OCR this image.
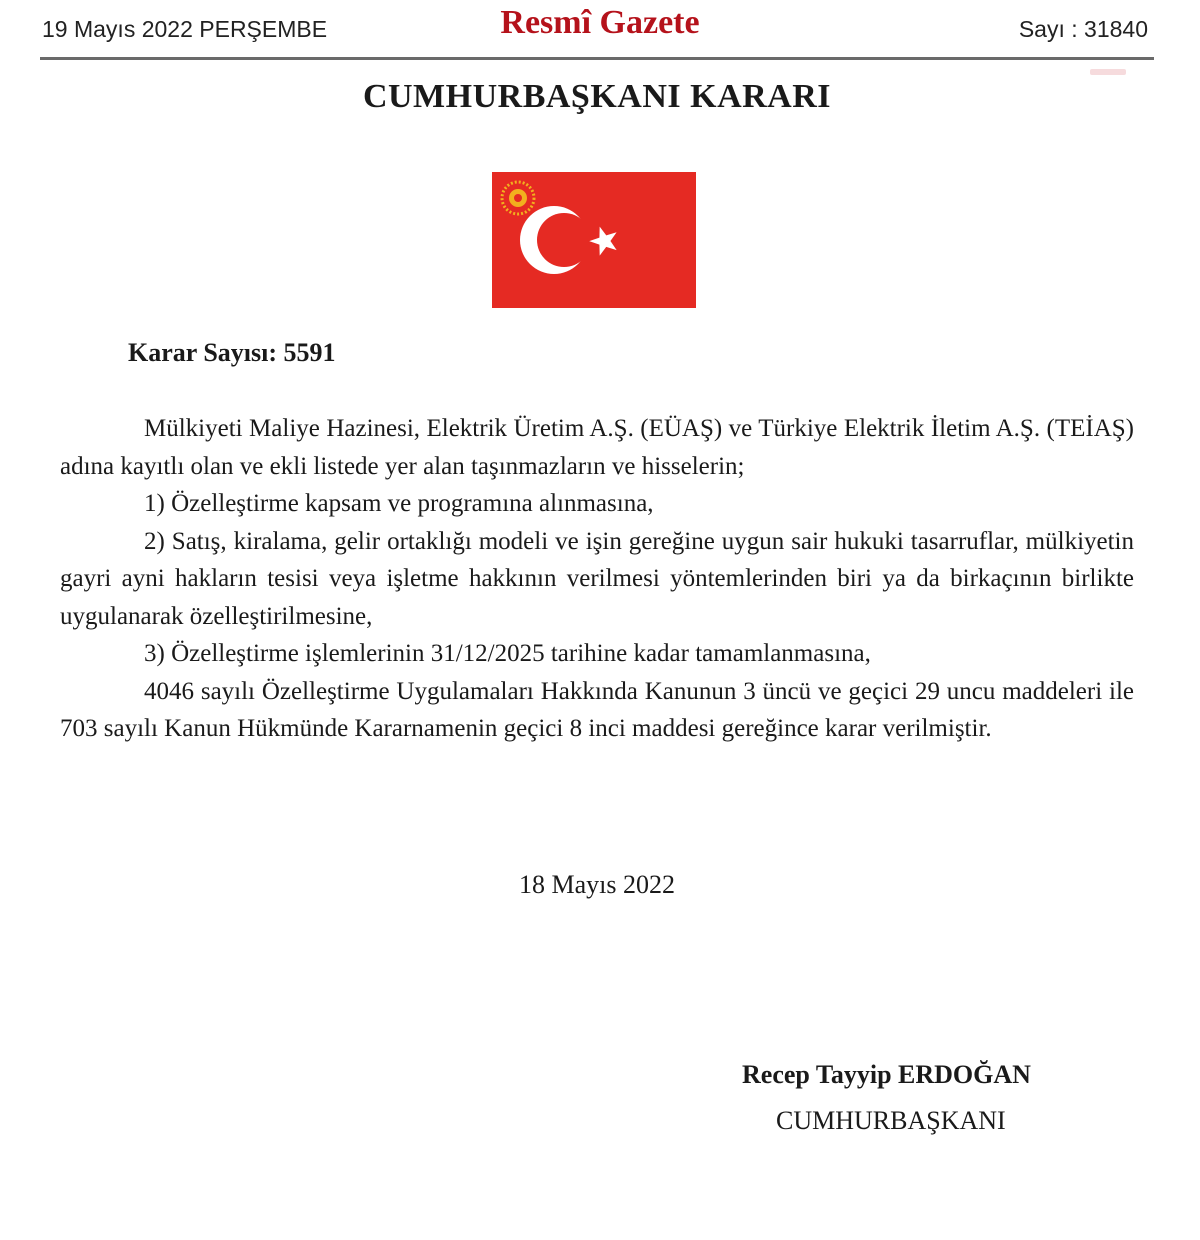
19 Mayıs 2022 PERŞEMBE	Resmî Gazete	Sayı : 31840
CUMHURBAŞKANI KARARI
Karar Sayısı: 5591

Mülkiyeti Maliye Hazinesi, Elektrik Üretim A.Ş. (EÜAŞ) ve Türkiye Elektrik İletim A.Ş. (TEİAŞ) adına kayıtlı olan ve ekli listede yer alan taşınmazların ve hisselerin;

1) Özelleştirme kapsam ve programına alınmasına,

2) Satış, kiralama, gelir ortaklığı modeli ve işin gereğine uygun sair hukuki tasarruflar, mülkiyetin gayri ayni hakların tesisi veya işletme hakkının verilmesi yöntemlerinden biri ya da birkaçının birlikte uygulanarak özelleştirilmesine,

3) Özelleştirme işlemlerinin 31/12/2025 tarihine kadar tamamlanmasına,

4046 sayılı Özelleştirme Uygulamaları Hakkında Kanunun 3 üncü ve geçici 29 uncu maddeleri ile 703 sayılı Kanun Hükmünde Kararnamenin geçici 8 inci maddesi gereğince karar verilmiştir.

18 Mayıs 2022
Recep Tayyip ERDOĞAN
CUMHURBAŞKANI
